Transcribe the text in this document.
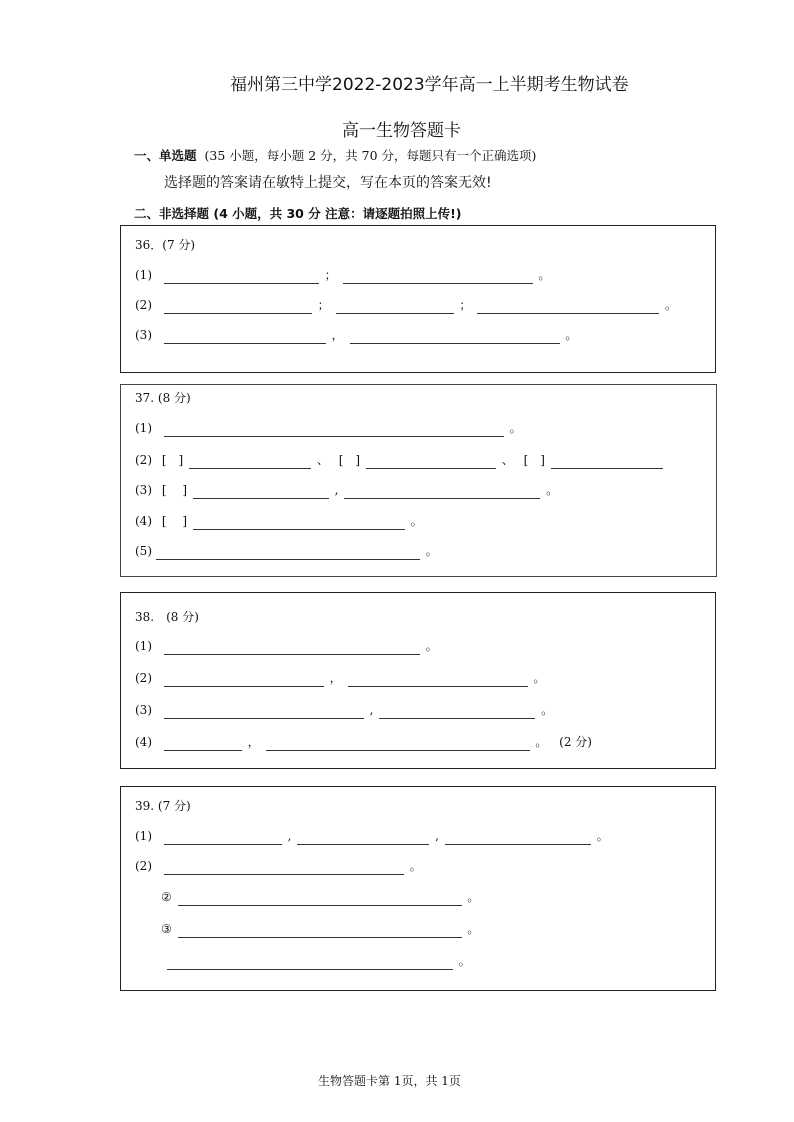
福州第三中学2022-2023学年高一上半期考生物试卷
高一生物答题卡
一、单选题 (35 小题，每小题 2 分，共 70 分，每题只有一个正确选项)
选择题的答案请在敏特上提交，写在本页的答案无效!
二、非选择题 (4 小题，共 30 分 注意：请逐题拍照上传!)
36．(7 分)
(1)	；	。
(2)	；	；	。
(3)	，	。
37. (8 分)
(1)	。
(2) [　]	、 [　]	、 [　]
(3) [　 ]	,	。
(4) [　 ]	。
(5)	。
38.　(8 分)
(1)	。
(2)	，	。
(3)	,	。
(4)	，	。 (2 分)
39. (7 分)
(1)	,	,	。
(2)	。
②	。
③	。
。
生物答题卡第 1页，共 1页
